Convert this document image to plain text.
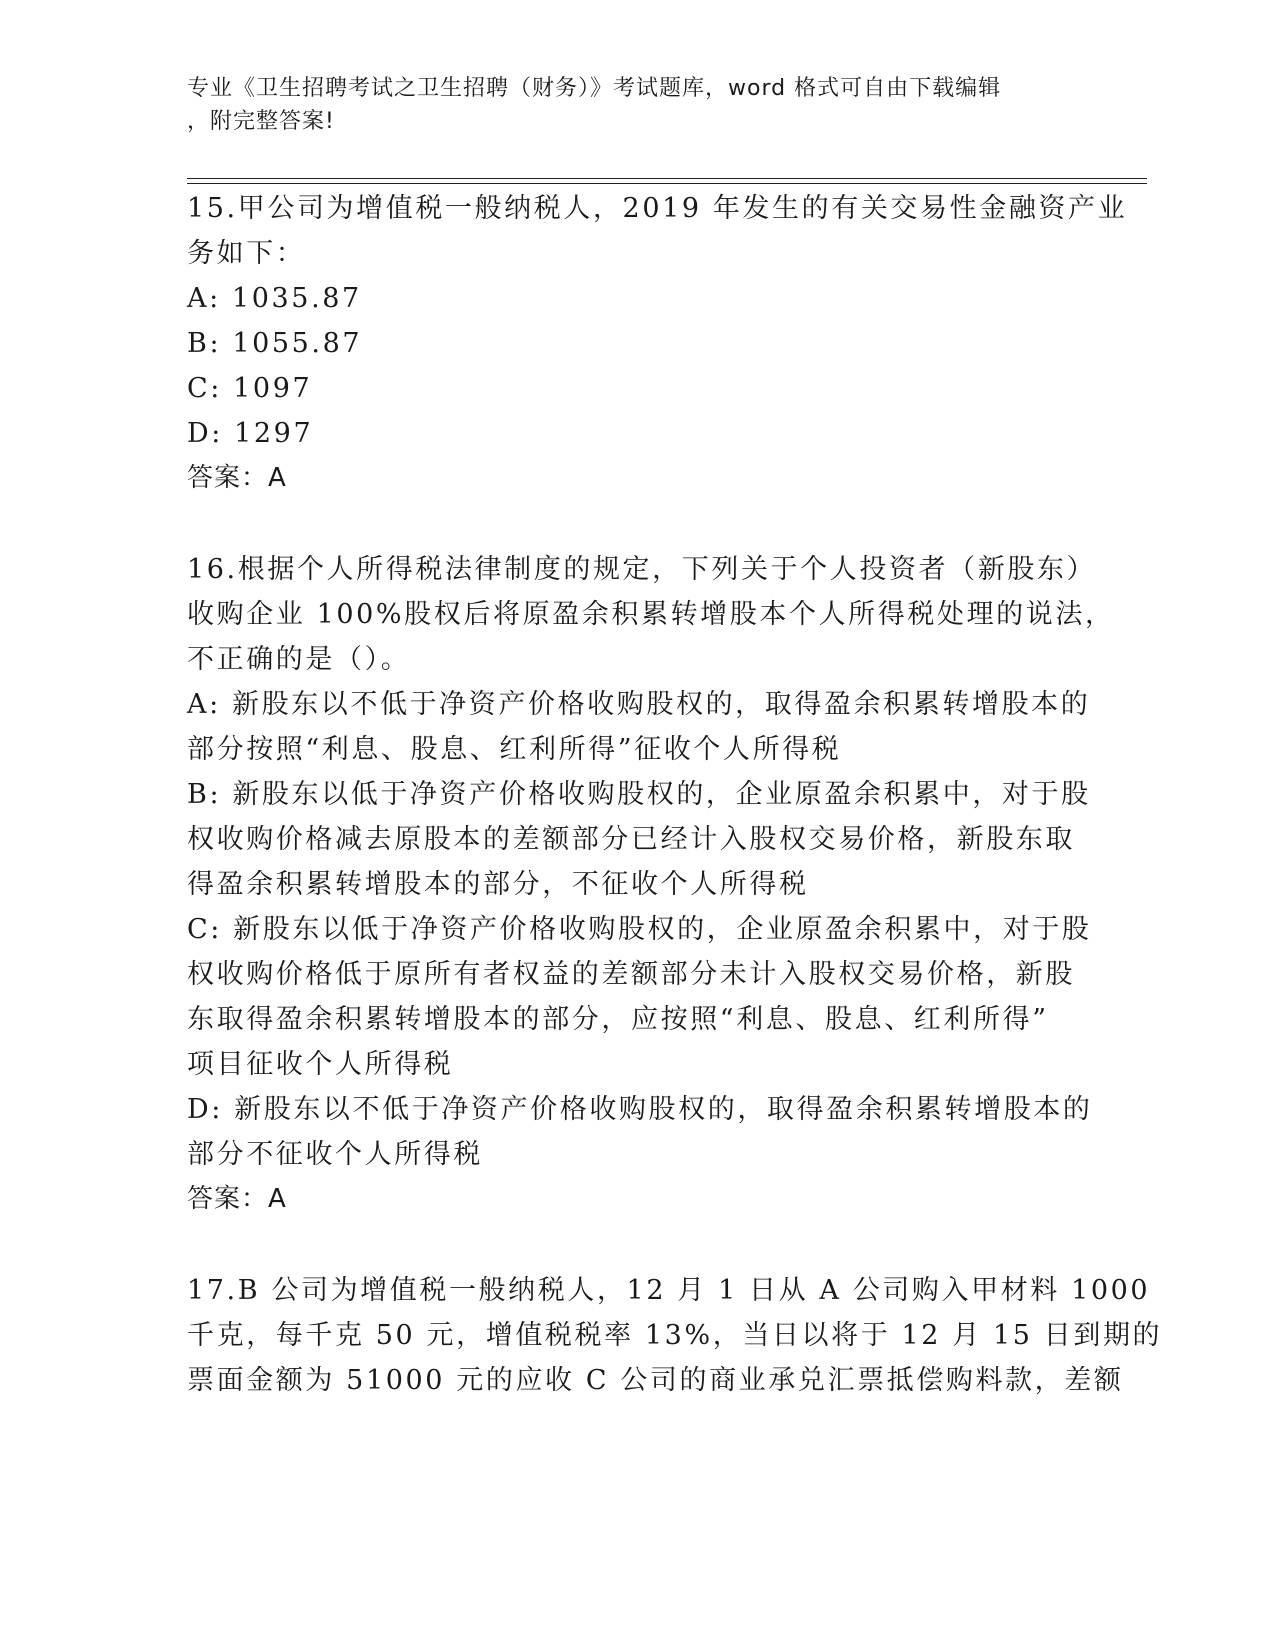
专业《卫生招聘考试之卫生招聘（财务）》考试题库，word 格式可自由下载编辑
，附完整答案!
15.甲公司为增值税一般纳税人，2019 年发生的有关交易性金融资产业
务如下：
A: 1035.87
B: 1055.87
C: 1097
D: 1297
答案：A
16.根据个人所得税法律制度的规定，下列关于个人投资者（新股东）
收购企业 100%股权后将原盈余积累转增股本个人所得税处理的说法，
不正确的是（）。
A: 新股东以不低于净资产价格收购股权的，取得盈余积累转增股本的
部分按照“利息、股息、红利所得”征收个人所得税
B: 新股东以低于净资产价格收购股权的，企业原盈余积累中，对于股
权收购价格减去原股本的差额部分已经计入股权交易价格，新股东取
得盈余积累转增股本的部分，不征收个人所得税
C: 新股东以低于净资产价格收购股权的，企业原盈余积累中，对于股
权收购价格低于原所有者权益的差额部分未计入股权交易价格，新股
东取得盈余积累转增股本的部分，应按照“利息、股息、红利所得”
项目征收个人所得税
D: 新股东以不低于净资产价格收购股权的，取得盈余积累转增股本的
部分不征收个人所得税
答案：A
17.B 公司为增值税一般纳税人，12 月 1 日从 A 公司购入甲材料 1000
千克，每千克 50 元，增值税税率 13%，当日以将于 12 月 15 日到期的
票面金额为 51000 元的应收 C 公司的商业承兑汇票抵偿购料款，差额
